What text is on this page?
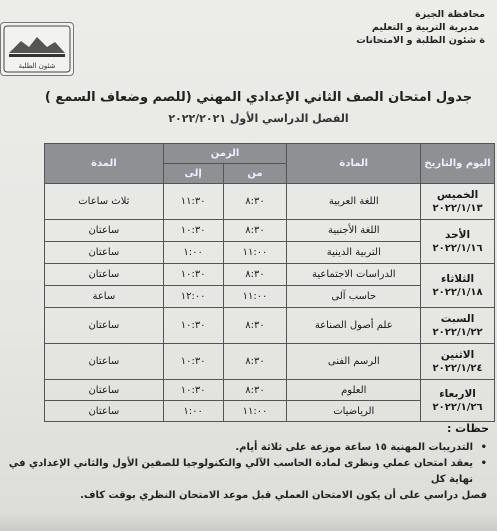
شئون الطلبة
محافظة الجيزة
مديرية التربية و التعليم
ة شئون الطلبة و الامتحانات
جدول امتحان الصف الثاني الإعدادي المهني (للصم وضعاف السمع )
الفصل الدراسي الأول ٢٠٢٢/٢٠٢١
اليوم والتاريخ	المادة	الزمن		المدة
		من	إلى	

الخميس
٢٠٢٢/١/١٣	اللغة العربية	٨:٣٠	١١:٣٠	ثلاث ساعات

الأحد
٢٠٢٢/١/١٦	اللغة الأجنبية	٨:٣٠	١٠:٣٠	ساعتان
	التربية الدينية	١١:٠٠	١:٠٠	ساعتان

الثلاثاء
٢٠٢٢/١/١٨	الدراسات الاجتماعية	٨:٣٠	١٠:٣٠	ساعتان
	حاسب آلى	١١:٠٠	١٢:٠٠	ساعة

السبت
٢٠٢٢/١/٢٢	علم أصول الصناعة	٨:٣٠	١٠:٣٠	ساعتان

الاثنين
٢٠٢٢/١/٢٤	الرسم الفنى	٨:٣٠	١٠:٣٠	ساعتان

الاربعاء
٢٠٢٢/١/٢٦	العلوم	٨:٣٠	١٠:٣٠	ساعتان
	الرياضيات	١١:٠٠	١:٠٠	ساعتان
حظات :
• التدريبات المهنية ١٥ ساعة موزعة على ثلاثة أيام.
• يعقد امتحان عملي ونظرى لمادة الحاسب الآلي والتكنولوجيا للصفين الأول والثاني الإعدادي في نهاية كل
فصل دراسي على أن يكون الامتحان العملي قبل موعد الامتحان النظري بوقت كاف.
